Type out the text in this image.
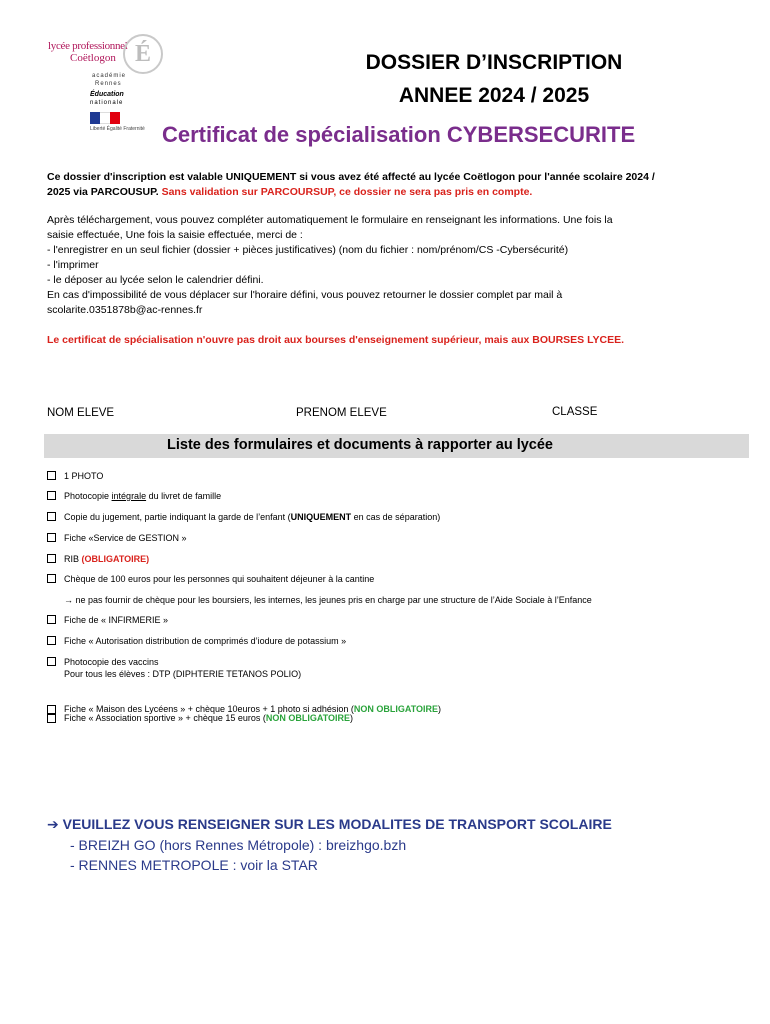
lycée professionnel
Coëtlogon É
académie
Rennes
Éducation
nationale
Liberté Égalité Fraternité
DOSSIER D’INSCRIPTION
ANNEE 2024 / 2025
Certificat de spécialisation CYBERSECURITE
Ce dossier d'inscription est valable UNIQUEMENT si vous avez été affecté au lycée Coëtlogon pour l'année scolaire 2024 /
2025 via PARCOUSUP. Sans validation sur PARCOURSUP, ce dossier ne sera pas pris en compte.
Après téléchargement, vous pouvez compléter automatiquement le formulaire en renseignant les informations. Une fois la
saisie effectuée, Une fois la saisie effectuée, merci de :
- l'enregistrer en un seul fichier (dossier + pièces justificatives) (nom du fichier : nom/prénom/CS -Cybersécurité)
- l'imprimer
- le déposer au lycée selon le calendrier défini.
En cas d'impossibilité de vous déplacer sur l'horaire défini, vous pouvez retourner le dossier complet par mail à
scolarite.0351878b@ac-rennes.fr
Le certificat de spécialisation n'ouvre pas droit aux bourses d'enseignement supérieur, mais aux BOURSES LYCEE.
NOM ELEVE	PRENOM ELEVE	CLASSE
Liste des formulaires et documents à rapporter au lycée
1 PHOTO
Photocopie intégrale du livret de famille
Copie du jugement, partie indiquant la garde de l’enfant (UNIQUEMENT en cas de séparation)
Fiche «Service de GESTION »
RIB (OBLIGATOIRE)
Chèque de 100 euros pour les personnes qui souhaitent déjeuner à la cantine
→ ne pas fournir de chèque pour les boursiers, les internes, les jeunes pris en charge par une structure de l’Aide Sociale à l’Enfance
Fiche de « INFIRMERIE »
Fiche « Autorisation distribution de comprimés d’iodure de potassium »
Photocopie des vaccins
Pour tous les élèves : DTP (DIPHTERIE TETANOS POLIO)
Fiche « Maison des Lycéens » + chèque 10euros + 1 photo si adhésion (NON OBLIGATOIRE)
Fiche « Association sportive » + chèque 15 euros (NON OBLIGATOIRE)
➔ VEUILLEZ VOUS RENSEIGNER SUR LES MODALITES DE TRANSPORT SCOLAIRE
- BREIZH GO (hors Rennes Métropole) : breizhgo.bzh
- RENNES METROPOLE : voir la STAR
